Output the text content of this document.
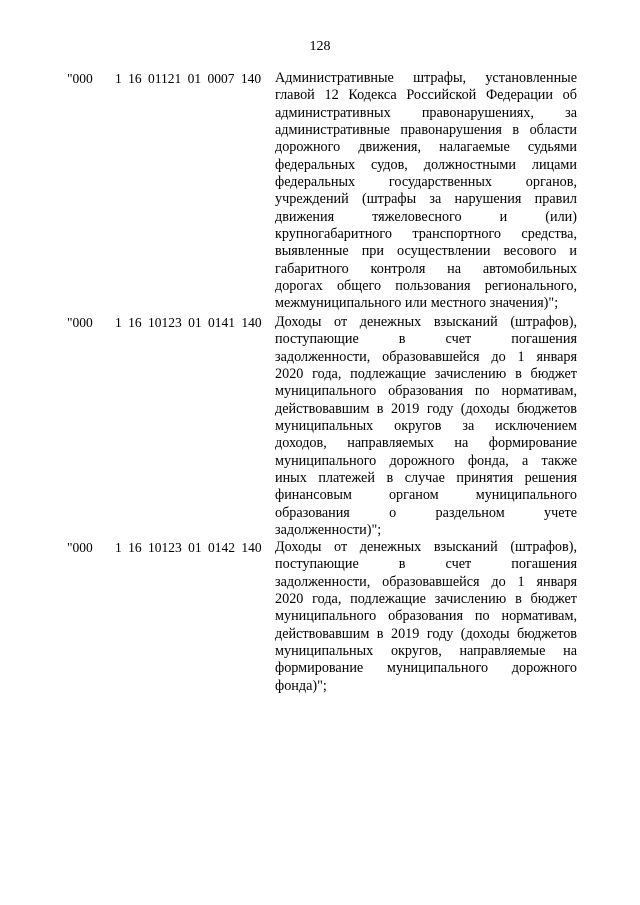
128
"000 1 16 01121 01 0007 140 Административные штрафы, установленные
главой 12 Кодекса Российской Федерации об
административных правонарушениях, за
административные правонарушения в области
дорожного движения, налагаемые судьями
федеральных судов, должностными лицами
федеральных государственных органов,
учреждений (штрафы за нарушения правил
движения тяжеловесного и (или)
крупногабаритного транспортного средства,
выявленные при осуществлении весового и
габаритного контроля на автомобильных
дорогах общего пользования регионального,
межмуниципального или местного значения)";
"000 1 16 10123 01 0141 140 Доходы от денежных взысканий (штрафов),
поступающие в счет погашения
задолженности, образовавшейся до 1 января
2020 года, подлежащие зачислению в бюджет
муниципального образования по нормативам,
действовавшим в 2019 году (доходы бюджетов
муниципальных округов за исключением
доходов, направляемых на формирование
муниципального дорожного фонда, а также
иных платежей в случае принятия решения
финансовым органом муниципального
образования о раздельном учете
задолженности)";
"000 1 16 10123 01 0142 140 Доходы от денежных взысканий (штрафов),
поступающие в счет погашения
задолженности, образовавшейся до 1 января
2020 года, подлежащие зачислению в бюджет
муниципального образования по нормативам,
действовавшим в 2019 году (доходы бюджетов
муниципальных округов, направляемые на
формирование муниципального дорожного
фонда)";
